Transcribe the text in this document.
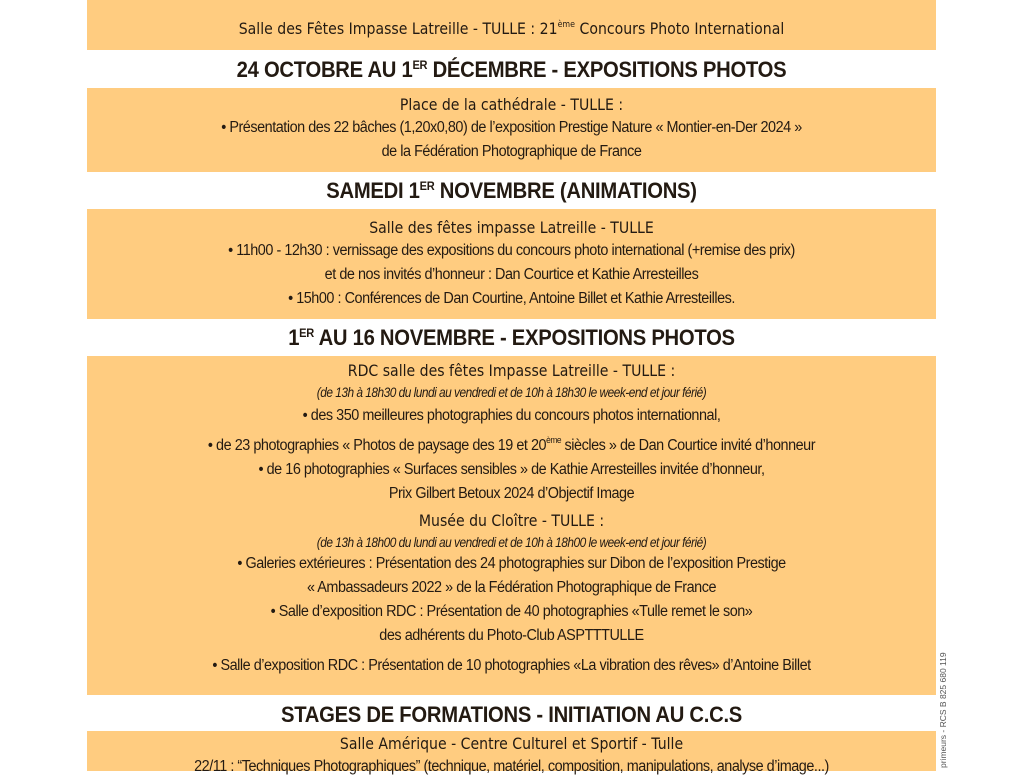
Salle des Fêtes Impasse Latreille - TULLE : 21ème Concours Photo International
24 OCTOBRE AU 1ER DÉCEMBRE - EXPOSITIONS PHOTOS
Place de la cathédrale - TULLE :
• Présentation des 22 bâches (1,20x0,80) de l’exposition Prestige Nature « Montier-en-Der 2024 »
de la Fédération Photographique de France
SAMEDI 1ER NOVEMBRE (ANIMATIONS)
Salle des fêtes impasse Latreille - TULLE
• 11h00 - 12h30 : vernissage des expositions du concours photo international (+remise des prix)
et de nos invités d’honneur : Dan Courtice et Kathie Arresteilles
• 15h00 : Conférences de Dan Courtine, Antoine Billet et Kathie Arresteilles.
1ER AU 16 NOVEMBRE - EXPOSITIONS PHOTOS
RDC salle des fêtes Impasse Latreille - TULLE :
(de 13h à 18h30 du lundi au vendredi et de 10h à 18h30 le week-end et jour férié)
• des 350 meilleures photographies du concours photos internationnal,
• de 23 photographies « Photos de paysage des 19 et 20ème siècles » de Dan Courtice invité d’honneur
• de 16 photographies « Surfaces sensibles » de Kathie Arresteilles invitée d’honneur,
Prix Gilbert Betoux 2024 d’Objectif Image
Musée du Cloître - TULLE :
(de 13h à 18h00 du lundi au vendredi et de 10h à 18h00 le week-end et jour férié)
• Galeries extérieures : Présentation des 24 photographies sur Dibon de l’exposition Prestige
« Ambassadeurs 2022 » de la Fédération Photographique de France
• Salle d’exposition RDC : Présentation de 40 photographies «Tulle remet le son»
des adhérents du Photo-Club ASPTTTULLE
• Salle d’exposition RDC : Présentation de 10 photographies «La vibration des rêves» d’Antoine Billet
STAGES DE FORMATIONS - INITIATION AU C.C.S
Salle Amérique - Centre Culturel et Sportif - Tulle
22/11 : “Techniques Photographiques” (technique, matériel, composition, manipulations, analyse d’image...)	primeurs - RCS B 825 680 119
